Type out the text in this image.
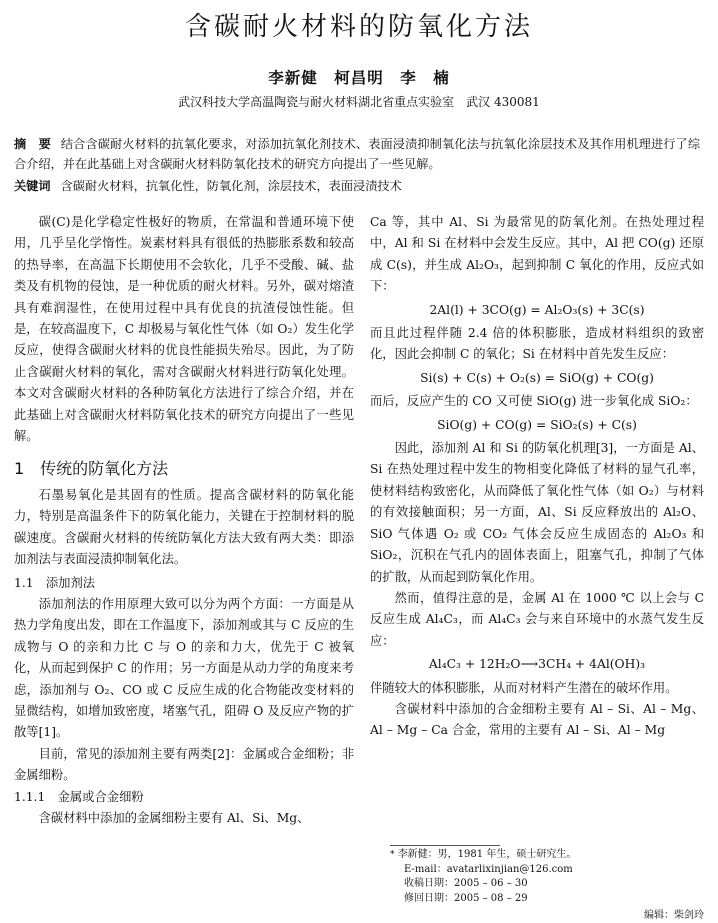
含碳耐火材料的防氧化方法
李新健　柯昌明　李　楠
武汉科技大学高温陶瓷与耐火材料湖北省重点实验室　武汉 430081
摘　要 结合含碳耐火材料的抗氧化要求，对添加抗氧化剂技术、表面浸渍抑制氧化法与抗氧化涂层技术及其作用机理进行了综合介绍，并在此基础上对含碳耐火材料防氧化技术的研究方向提出了一些见解。
关键词 含碳耐火材料，抗氧化性，防氧化剂，涂层技术，表面浸渍技术

碳(C)是化学稳定性极好的物质，在常温和普通环境下使用，几乎呈化学惰性。炭素材料具有很低的热膨胀系数和较高的热导率，在高温下长期使用不会软化，几乎不受酸、碱、盐类及有机物的侵蚀，是一种优质的耐火材料。另外，碳对熔渣具有难润湿性，在使用过程中具有优良的抗渣侵蚀性能。但是，在较高温度下，C 却极易与氧化性气体（如 O₂）发生化学反应，使得含碳耐火材料的优良性能损失殆尽。因此，为了防止含碳耐火材料的氧化，需对含碳耐火材料进行防氧化处理。本文对含碳耐火材料的各种防氧化方法进行了综合介绍，并在此基础上对含碳耐火材料防氧化技术的研究方向提出了一些见解。

1　传统的防氧化方法

石墨易氧化是其固有的性质。提高含碳材料的防氧化能力，特别是高温条件下的防氧化能力，关键在于控制材料的脱碳速度。含碳耐火材料的传统防氧化方法大致有两大类：即添加剂法与表面浸渍抑制氧化法。

1.1　添加剂法

添加剂法的作用原理大致可以分为两个方面：一方面是从热力学角度出发，即在工作温度下，添加剂或其与 C 反应的生成物与 O 的亲和力比 C 与 O 的亲和力大，优先于 C 被氧化，从而起到保护 C 的作用；另一方面是从动力学的角度来考虑，添加剂与 O₂、CO 或 C 反应生成的化合物能改变材料的显微结构，如增加致密度，堵塞气孔，阻碍 O 及反应产物的扩散等[1]。

目前，常见的添加剂主要有两类[2]：金属或合金细粉；非金属细粉。

1.1.1　金属或合金细粉

含碳材料中添加的金属细粉主要有 Al、Si、Mg、

Ca 等，其中 Al、Si 为最常见的防氧化剂。在热处理过程中，Al 和 Si 在材料中会发生反应。其中，Al 把 CO(g) 还原成 C(s)，并生成 Al₂O₃，起到抑制 C 氧化的作用，反应式如下：

2Al(l) + 3CO(g) = Al₂O₃(s) + 3C(s)

而且此过程伴随 2.4 倍的体积膨胀，造成材料组织的致密化，因此会抑制 C 的氧化；Si 在材料中首先发生反应：

Si(s) + C(s) + O₂(s) = SiO(g) + CO(g)

而后，反应产生的 CO 又可使 SiO(g) 进一步氧化成 SiO₂：

SiO(g) + CO(g) = SiO₂(s) + C(s)

因此，添加剂 Al 和 Si 的防氧化机理[3]，一方面是 Al、Si 在热处理过程中发生的物相变化降低了材料的显气孔率，使材料结构致密化，从而降低了氧化性气体（如 O₂）与材料的有效接触面积；另一方面，Al、Si 反应释放出的 Al₂O、SiO 气体遇 O₂ 或 CO₂ 气体会反应生成固态的 Al₂O₃ 和 SiO₂，沉积在气孔内的固体表面上，阻塞气孔，抑制了气体的扩散，从而起到防氧化作用。

然而，值得注意的是，金属 Al 在 1000 ℃ 以上会与 C 反应生成 Al₄C₃，而 Al₄C₃ 会与来自环境中的水蒸气发生反应：

Al₄C₃ + 12H₂O⟶3CH₄ + 4Al(OH)₃

伴随较大的体积膨胀，从而对材料产生潜在的破坏作用。

含碳材料中添加的合金细粉主要有 Al – Si、Al – Mg、Al – Mg – Ca 合金，常用的主要有 Al – Si、Al – Mg

* 李新健：男，1981 年生，硕士研究生。
E-mail：avatarlixinjian@126.com
收稿日期：2005 – 06 – 30
修回日期：2005 – 08 – 29
编辑：柴剑玲
